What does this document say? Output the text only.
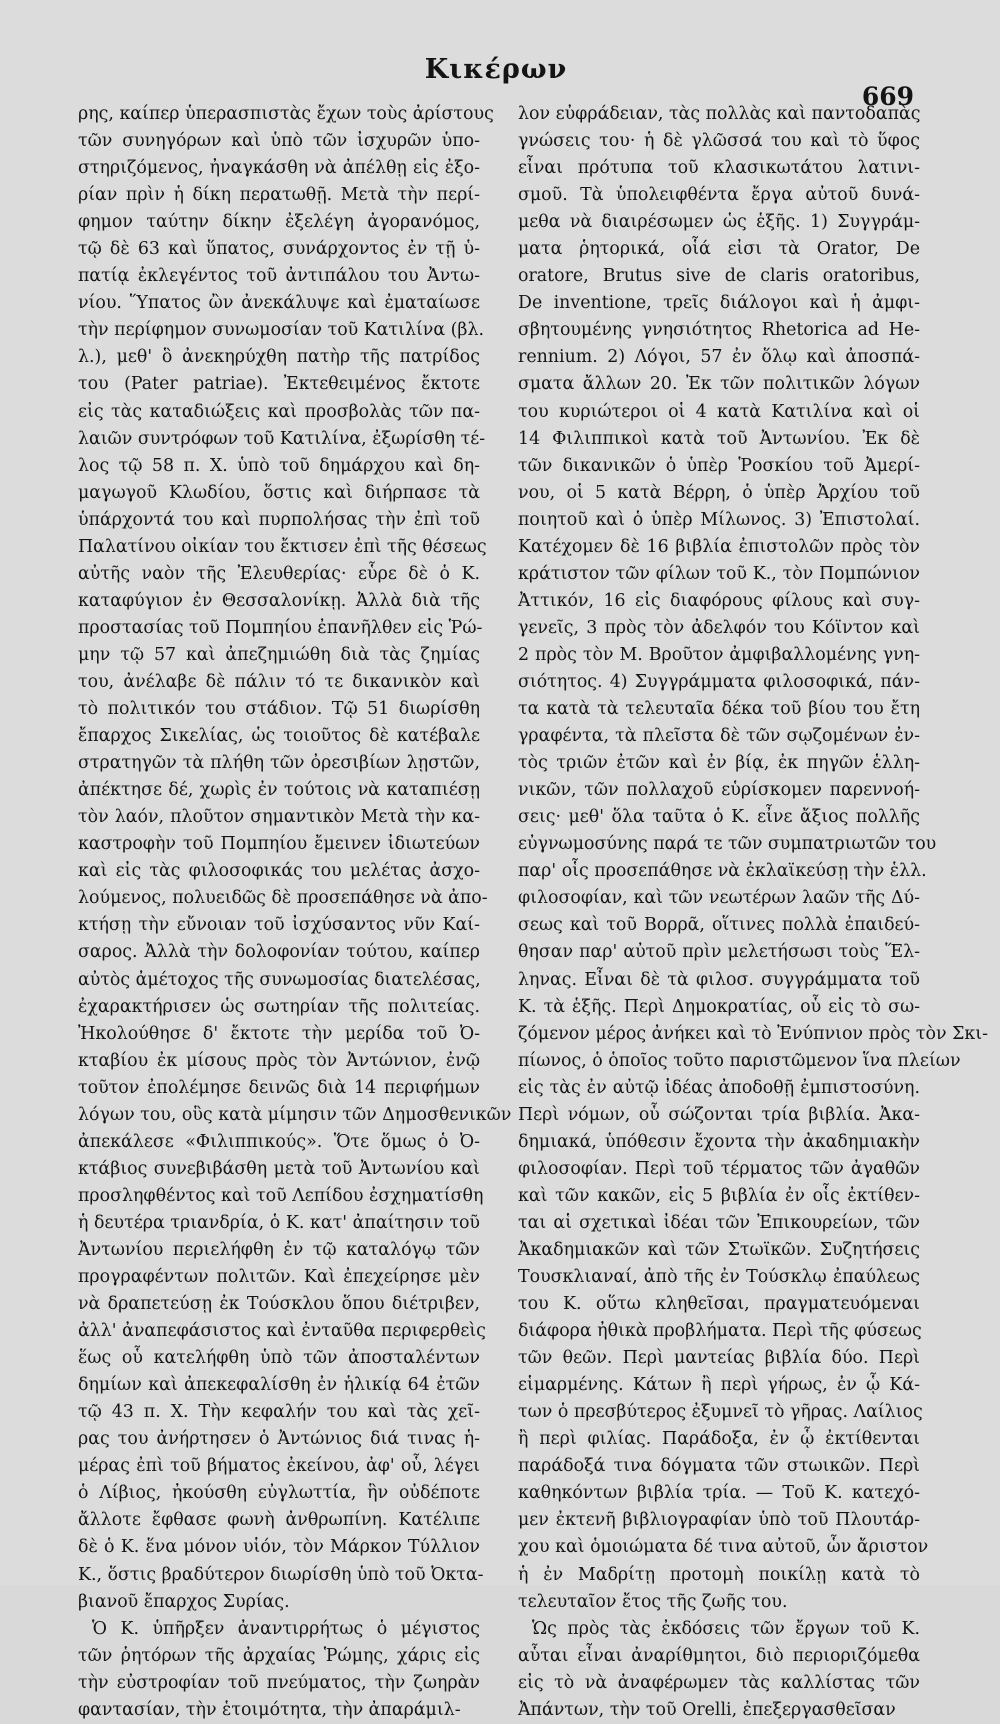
Κικέρων
669
ρης, καίπερ ὑπερασπιστὰς ἔχων τοὺς ἀρίστους
τῶν συνηγόρων καὶ ὑπὸ τῶν ἰσχυρῶν ὑπο-
στηριζόμενος, ἠναγκάσθη νὰ ἀπέλθῃ εἰς ἐξο-
ρίαν πρὶν ἡ δίκη περατωθῇ. Μετὰ τὴν περί-
φημον ταύτην δίκην ἐξελέγη ἀγορανόμος,
τῷ δὲ 63 καὶ ὕπατος, συνάρχοντος ἐν τῇ ὑ-
πατίᾳ ἐκλεγέντος τοῦ ἀντιπάλου του Ἀντω-
νίου. Ὕπατος ὢν ἀνεκάλυψε καὶ ἐματαίωσε
τὴν περίφημον συνωμοσίαν τοῦ Κατιλίνα (βλ.
λ.), μεθ' ὃ ἀνεκηρύχθη πατὴρ τῆς πατρίδος
του (Pater patriae). Ἐκτεθειμένος ἔκτοτε
εἰς τὰς καταδιώξεις καὶ προσβολὰς τῶν πα-
λαιῶν συντρόφων τοῦ Κατιλίνα, ἐξωρίσθη τέ-
λος τῷ 58 π. Χ. ὑπὸ τοῦ δημάρχου καὶ δη-
μαγωγοῦ Κλωδίου, ὅστις καὶ διήρπασε τὰ
ὑπάρχοντά του καὶ πυρπολήσας τὴν ἐπὶ τοῦ
Παλατίνου οἰκίαν του ἔκτισεν ἐπὶ τῆς θέσεως
αὐτῆς ναὸν τῆς Ἐλευθερίας· εὗρε δὲ ὁ Κ.
καταφύγιον ἐν Θεσσαλονίκῃ. Ἀλλὰ διὰ τῆς
προστασίας τοῦ Πομπηίου ἐπανῆλθεν εἰς Ῥώ-
μην τῷ 57 καὶ ἀπεζημιώθη διὰ τὰς ζημίας
του, ἀνέλαβε δὲ πάλιν τό τε δικανικὸν καὶ
τὸ πολιτικόν του στάδιον. Τῷ 51 διωρίσθη
ἔπαρχος Σικελίας, ὡς τοιοῦτος δὲ κατέβαλε
στρατηγῶν τὰ πλήθη τῶν ὀρεσιβίων λῃστῶν,
ἀπέκτησε δέ, χωρὶς ἐν τούτοις νὰ καταπιέσῃ
τὸν λαόν, πλοῦτον σημαντικὸν Μετὰ τὴν κα-
καστροφὴν τοῦ Πομπηίου ἔμεινεν ἰδιωτεύων
καὶ εἰς τὰς φιλοσοφικάς του μελέτας ἀσχο-
λούμενος, πολυειδῶς δὲ προσεπάθησε νὰ ἀπο-
κτήσῃ τὴν εὔνοιαν τοῦ ἰσχύσαντος νῦν Καί-
σαρος. Ἀλλὰ τὴν δολοφονίαν τούτου, καίπερ
αὐτὸς ἀμέτοχος τῆς συνωμοσίας διατελέσας,
ἐχαρακτήρισεν ὡς σωτηρίαν τῆς πολιτείας.
Ἠκολούθησε δ' ἔκτοτε τὴν μερίδα τοῦ Ὀ-
κταβίου ἐκ μίσους πρὸς τὸν Ἀντώνιον, ἐνῷ
τοῦτον ἐπολέμησε δεινῶς διὰ 14 περιφήμων
λόγων του, οὓς κατὰ μίμησιν τῶν Δημοσθενικῶν
ἀπεκάλεσε «Φιλιππικούς». Ὅτε ὅμως ὁ Ὀ-
κτάβιος συνεβιβάσθη μετὰ τοῦ Ἀντωνίου καὶ
προσληφθέντος καὶ τοῦ Λεπίδου ἐσχηματίσθη
ἡ δευτέρα τριανδρία, ὁ Κ. κατ' ἀπαίτησιν τοῦ
Ἀντωνίου περιελήφθη ἐν τῷ καταλόγῳ τῶν
προγραφέντων πολιτῶν. Καὶ ἐπεχείρησε μὲν
νὰ δραπετεύσῃ ἐκ Τούσκλου ὅπου διέτριβεν,
ἀλλ' ἀναπεφάσιστος καὶ ἐνταῦθα περιφερθεὶς
ἕως οὗ κατελήφθη ὑπὸ τῶν ἀποσταλέντων
δημίων καὶ ἀπεκεφαλίσθη ἐν ἡλικίᾳ 64 ἐτῶν
τῷ 43 π. Χ. Τὴν κεφαλήν του καὶ τὰς χεῖ-
ρας του ἀνήρτησεν ὁ Ἀντώνιος διά τινας ἡ-
μέρας ἐπὶ τοῦ βήματος ἐκείνου, ἀφ' οὗ, λέγει
ὁ Λίβιος, ἠκούσθη εὐγλωττία, ἣν οὐδέποτε
ἄλλοτε ἔφθασε φωνὴ ἀνθρωπίνη. Κατέλιπε
δὲ ὁ Κ. ἕνα μόνον υἱόν, τὸν Μάρκον Τύλλιον
Κ., ὅστις βραδύτερον διωρίσθη ὑπὸ τοῦ Ὀκτα-
βιανοῦ ἔπαρχος Συρίας.
Ὁ Κ. ὑπῆρξεν ἀναντιρρήτως ὁ μέγιστος
τῶν ῥητόρων τῆς ἀρχαίας Ῥώμης, χάρις εἰς
τὴν εὐστροφίαν τοῦ πνεύματος, τὴν ζωηρὰν
φαντασίαν, τὴν ἑτοιμότητα, τὴν ἀπαράμιλ-
λον εὐφράδειαν, τὰς πολλὰς καὶ παντοδαπὰς
γνώσεις του· ἡ δὲ γλῶσσά του καὶ τὸ ὕφος
εἶναι πρότυπα τοῦ κλασικωτάτου λατινι-
σμοῦ. Τὰ ὑπολειφθέντα ἔργα αὐτοῦ δυνά-
μεθα νὰ διαιρέσωμεν ὡς ἑξῆς. 1) Συγγράμ-
ματα ῥητορικά, οἷά εἰσι τὰ Orator, De
oratore, Brutus sive de claris oratoribus,
De inventione, τρεῖς διάλογοι καὶ ἡ ἀμφι-
σβητουμένης γνησιότητος Rhetorica ad He-
rennium. 2) Λόγοι, 57 ἐν ὅλῳ καὶ ἀποσπά-
σματα ἄλλων 20. Ἐκ τῶν πολιτικῶν λόγων
του κυριώτεροι οἱ 4 κατὰ Κατιλίνα καὶ οἱ
14 Φιλιππικοὶ κατὰ τοῦ Ἀντωνίου. Ἐκ δὲ
τῶν δικανικῶν ὁ ὑπὲρ Ῥοσκίου τοῦ Ἀμερί-
νου, οἱ 5 κατὰ Βέρρη, ὁ ὑπὲρ Ἀρχίου τοῦ
ποιητοῦ καὶ ὁ ὑπὲρ Μίλωνος. 3) Ἐπιστολαί.
Κατέχομεν δὲ 16 βιβλία ἐπιστολῶν πρὸς τὸν
κράτιστον τῶν φίλων τοῦ Κ., τὸν Πομπώνιον
Ἀττικόν, 16 εἰς διαφόρους φίλους καὶ συγ-
γενεῖς, 3 πρὸς τὸν ἀδελφόν του Κόϊντον καὶ
2 πρὸς τὸν Μ. Βροῦτον ἀμφιβαλλομένης γνη-
σιότητος. 4) Συγγράμματα φιλοσοφικά, πάν-
τα κατὰ τὰ τελευταῖα δέκα τοῦ βίου του ἔτη
γραφέντα, τὰ πλεῖστα δὲ τῶν σῳζομένων ἐν-
τὸς τριῶν ἐτῶν καὶ ἐν βίᾳ, ἐκ πηγῶν ἑλλη-
νικῶν, τῶν πολλαχοῦ εὑρίσκομεν παρεννοή-
σεις· μεθ' ὅλα ταῦτα ὁ Κ. εἶνε ἄξιος πολλῆς
εὐγνωμοσύνης παρά τε τῶν συμπατριωτῶν του
παρ' οἷς προσεπάθησε νὰ ἐκλαϊκεύσῃ τὴν ἑλλ.
φιλοσοφίαν, καὶ τῶν νεωτέρων λαῶν τῆς Δύ-
σεως καὶ τοῦ Βορρᾶ, οἵτινες πολλὰ ἐπαιδεύ-
θησαν παρ' αὐτοῦ πρὶν μελετήσωσι τοὺς Ἕλ-
ληνας. Εἶναι δὲ τὰ φιλοσ. συγγράμματα τοῦ
Κ. τὰ ἑξῆς. Περὶ Δημοκρατίας, οὗ εἰς τὸ σω-
ζόμενον μέρος ἀνήκει καὶ τὸ Ἐνύπνιον πρὸς τὸν Σκι-
πίωνος, ὁ ὁποῖος τοῦτο παριστῶμενον ἵνα πλείων
εἰς τὰς ἐν αὐτῷ ἰδέας ἀποδοθῇ ἐμπιστοσύνη.
Περὶ νόμων, οὗ σώζονται τρία βιβλία. Ἀκα-
δημιακά, ὑπόθεσιν ἔχοντα τὴν ἀκαδημιακὴν
φιλοσοφίαν. Περὶ τοῦ τέρματος τῶν ἀγαθῶν
καὶ τῶν κακῶν, εἰς 5 βιβλία ἐν οἷς ἐκτίθεν-
ται αἱ σχετικαὶ ἰδέαι τῶν Ἐπικουρείων, τῶν
Ἀκαδημιακῶν καὶ τῶν Στωϊκῶν. Συζητήσεις
Τουσκλιαναί, ἀπὸ τῆς ἐν Τούσκλῳ ἐπαύλεως
του Κ. οὕτω κληθεῖσαι, πραγματευόμεναι
διάφορα ἠθικὰ προβλήματα. Περὶ τῆς φύσεως
τῶν θεῶν. Περὶ μαντείας βιβλία δύο. Περὶ
εἱμαρμένης. Κάτων ἢ περὶ γήρως, ἐν ᾧ Κά-
των ὁ πρεσβύτερος ἐξυμνεῖ τὸ γῆρας. Λαίλιος
ἢ περὶ φιλίας. Παράδοξα, ἐν ᾧ ἐκτίθενται
παράδοξά τινα δόγματα τῶν στωικῶν. Περὶ
καθηκόντων βιβλία τρία. — Τοῦ Κ. κατεχό-
μεν ἐκτενῆ βιβλιογραφίαν ὑπὸ τοῦ Πλουτάρ-
χου καὶ ὁμοιώματα δέ τινα αὐτοῦ, ὧν ἄριστον
ἡ ἐν Μαδρίτῃ προτομὴ ποικίλῃ κατὰ τὸ
τελευταῖον ἔτος τῆς ζωῆς του.
Ὡς πρὸς τὰς ἐκδόσεις τῶν ἔργων τοῦ Κ.
αὗται εἶναι ἀναρίθμητοι, διὸ περιοριζόμεθα
εἰς τὸ νὰ ἀναφέρωμεν τὰς καλλίστας τῶν
Ἀπάντων, τὴν τοῦ Orelli, ἐπεξεργασθεῖσαν
